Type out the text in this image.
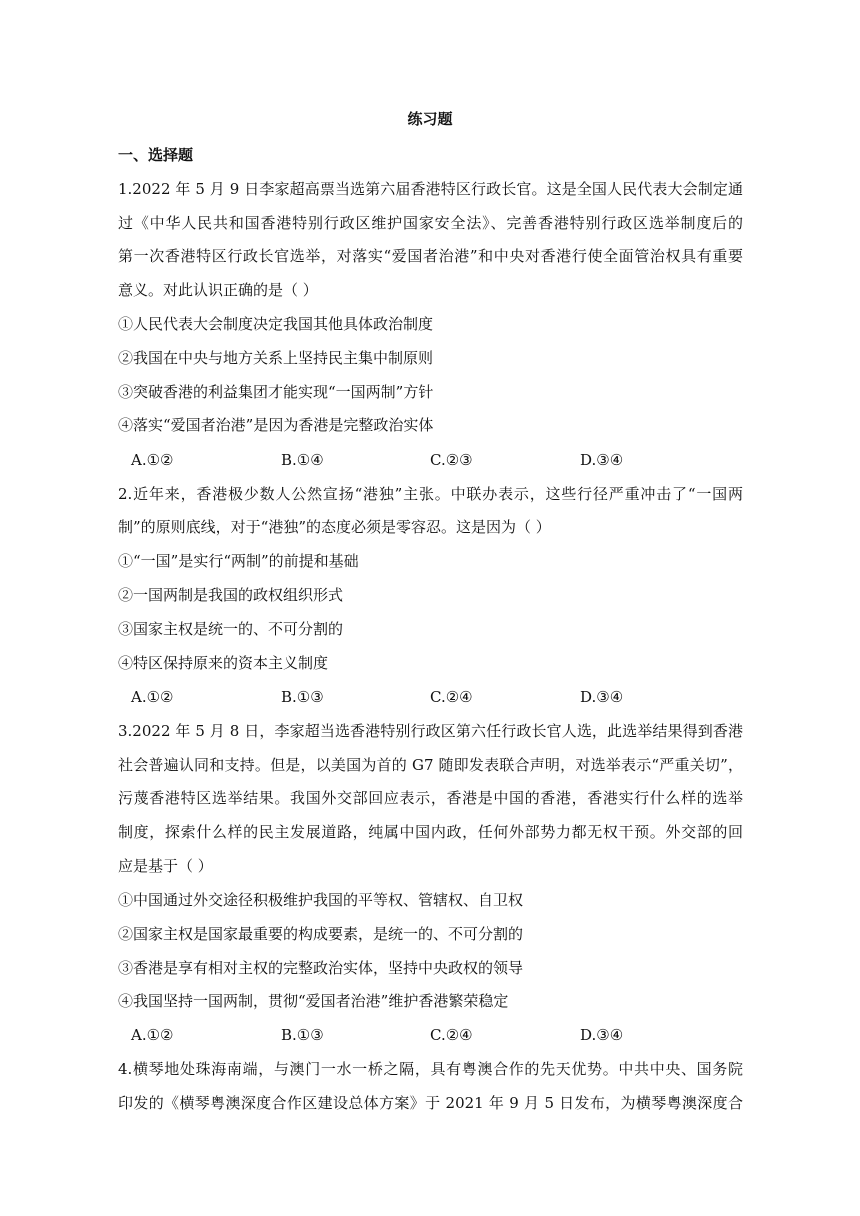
练习题
一、选择题
1.2022 年 5 月 9 日李家超高票当选第六届香港特区行政长官。这是全国人民代表大会制定通
过《中华人民共和国香港特别行政区维护国家安全法》、完善香港特别行政区选举制度后的
第一次香港特区行政长官选举，对落实“爱国者治港”和中央对香港行使全面管治权具有重要
意义。对此认识正确的是（ ）
①人民代表大会制度决定我国其他具体政治制度
②我国在中央与地方关系上坚持民主集中制原则
③突破香港的利益集团才能实现“一国两制”方针
④落实“爱国者治港”是因为香港是完整政治实体
A.①②	B.①④	C.②③	D.③④
2.近年来，香港极少数人公然宣扬“港独”主张。中联办表示，这些行径严重冲击了“一国两
制”的原则底线，对于“港独”的态度必须是零容忍。这是因为（ ）
①“一国”是实行“两制”的前提和基础
②一国两制是我国的政权组织形式
③国家主权是统一的、不可分割的
④特区保持原来的资本主义制度
A.①②	B.①③	C.②④	D.③④
3.2022 年 5 月 8 日，李家超当选香港特别行政区第六任行政长官人选，此选举结果得到香港
社会普遍认同和支持。但是，以美国为首的 G7 随即发表联合声明，对选举表示“严重关切”，
污蔑香港特区选举结果。我国外交部回应表示，香港是中国的香港，香港实行什么样的选举
制度，探索什么样的民主发展道路，纯属中国内政，任何外部势力都无权干预。外交部的回
应是基于（ ）
①中国通过外交途径积极维护我国的平等权、管辖权、自卫权
②国家主权是国家最重要的构成要素，是统一的、不可分割的
③香港是享有相对主权的完整政治实体，坚持中央政权的领导
④我国坚持一国两制，贯彻“爱国者治港”维护香港繁荣稳定
A.①②	B.①③	C.②④	D.③④
4.横琴地处珠海南端，与澳门一水一桥之隔，具有粤澳合作的先天优势。中共中央、国务院
印发的《横琴粤澳深度合作区建设总体方案》于 2021 年 9 月 5 日发布，为横琴粤澳深度合
